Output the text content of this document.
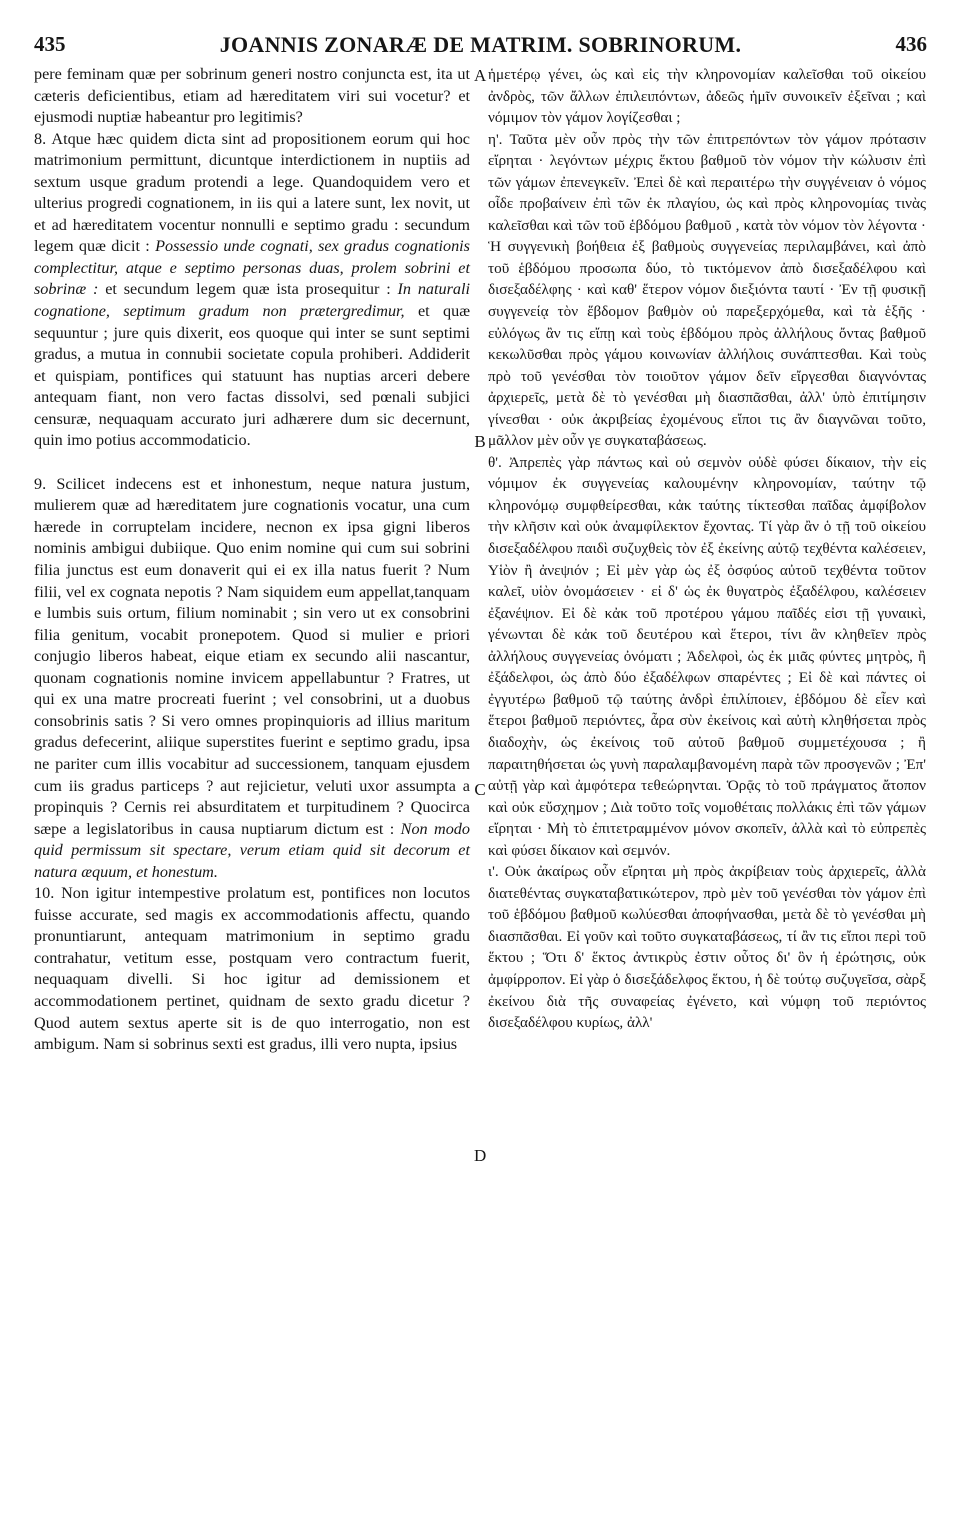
435	JOANNIS ZONARÆ DE MATRIM. SOBRINORUM.	436

pere feminam quæ per sobrinum generi nostro conjuncta est, ita ut cæteris deficientibus, etiam ad hæreditatem viri sui vocetur? et ejusmodi nuptiæ habeantur pro legitimis?

8. Atque hæc quidem dicta sint ad propositionem eorum qui hoc matrimonium permittunt, dicuntque interdictionem in nuptiis ad sextum usque gradum protendi a lege. Quandoquidem vero et ulterius progredi cognationem, in iis qui a latere sunt, lex novit, ut et ad hæreditatem vocentur nonnulli e septimo gradu : secundum legem quæ dicit : Possessio unde cognati, sex gradus cognationis complectitur, atque e septimo personas duas, prolem sobrini et sobrinæ : et secundum legem quæ ista prosequitur : In naturali cognatione, septimum gradum non prætergredimur, et quæ sequuntur ; jure quis dixerit, eos quoque qui inter se sunt septimi gradus, a mutua in connubii societate copula prohiberi. Addiderit et quispiam, pontifices qui statuunt has nuptias arceri debere antequam fiant, non vero factas dissolvi, sed pœnali subjici censuræ, nequaquam accurato juri adhærere dum sic decernunt, quin imo potius accommodaticio.

9. Scilicet indecens est et inhonestum, neque natura justum, mulierem quæ ad hæreditatem jure cognationis vocatur, una cum hærede in corruptelam incidere, necnon ex ipsa gigni liberos nominis ambigui dubiique. Quo enim nomine qui cum sui sobrini filia junctus est eum donaverit qui ei ex illa natus fuerit ? Num filii, vel ex cognata nepotis ? Nam siquidem eum appellat,tanquam e lumbis suis ortum, filium nominabit ; sin vero ut ex consobrini filia genitum, vocabit pronepotem. Quod si mulier e priori conjugio liberos habeat, eique etiam ex secundo alii nascantur, quonam cognationis nomine invicem appellabuntur ? Fratres, ut qui ex una matre procreati fuerint ; vel consobrini, ut a duobus consobrinis satis ? Si vero omnes propinquioris ad illius maritum gradus defecerint, aliique superstites fuerint e septimo gradu, ipsa ne pariter cum illis vocabitur ad successionem, tanquam ejusdem cum iis gradus particeps ? aut rejicietur, veluti uxor assumpta a propinquis ? Cernis rei absurditatem et turpitudinem ? Quocirca sæpe a legislatoribus in causa nuptiarum dictum est : Non modo quid permissum sit spectare, verum etiam quid sit decorum et natura æquum, et honestum.

10. Non igitur intempestive prolatum est, pontifices non locutos fuisse accurate, sed magis ex accommodationis affectu, quando pronuntiarunt, antequam matrimonium in septimo gradu contrahatur, vetitum esse, postquam vero contractum fuerit, nequaquam divelli. Si hoc igitur ad demissionem et accommodationem pertinet, quidnam de sexto gradu dicetur ? Quod autem sextus aperte sit is de quo interrogatio, non est ambigum. Nam si sobrinus sexti est gradus, illi vero nupta, ipsius

A
B
C
D

ἡμετέρῳ γένει, ὡς καὶ εἰς τὴν κληρονομίαν καλεῖσθαι τοῦ οἰκείου ἀνδρὸς, τῶν ἄλλων ἐπιλειπόντων, ἀδεῶς ἡμῖν συνοικεῖν ἐξεῖναι ; καὶ νόμιμον τὸν γάμον λογίζεσθαι ;

η'. Ταῦτα μὲν οὖν πρὸς τὴν τῶν ἐπιτρεπόντων τὸν γάμον πρότασιν εἴρηται · λεγόντων μέχρις ἕκτου βαθμοῦ τὸν νόμον τὴν κώλυσιν ἐπὶ τῶν γάμων ἐπενεγκεῖν. Ἐπεὶ δὲ καὶ περαιτέρω τὴν συγγένειαν ὁ νόμος οἶδε προβαίνειν ἐπὶ τῶν ἐκ πλαγίου, ὡς καὶ πρὸς κληρονομίας τινὰς καλεῖσθαι καὶ τῶν τοῦ ἑβδόμου βαθμοῦ , κατὰ τὸν νόμον τὸν λέγοντα · Ἡ συγγενικὴ βοήθεια ἐξ βαθμοὺς συγγενείας περιλαμβάνει, καὶ ἀπὸ τοῦ ἑβδόμου προσωπα δύο, τὸ τικτόμενον ἀπὸ δισεξαδέλφου καὶ δισεξαδέλφης · καὶ καθ' ἕτερον νόμον διεξιόντα ταυτί · Ἐν τῇ φυσικῇ συγγενείᾳ τὸν ἕβδομον βαθμὸν οὐ παρεξερχόμεθα, καὶ τὰ ἑξῆς · εὐλόγως ἂν τις εἴπῃ καὶ τοὺς ἑβδόμου πρὸς ἀλλήλους ὄντας βαθμοῦ κεκωλῦσθαι πρὸς γάμου κοινωνίαν ἀλλήλοις συνάπτεσθαι. Καὶ τοὺς πρὸ τοῦ γενέσθαι τὸν τοιοῦτον γάμον δεῖν εἴργεσθαι διαγνόντας ἀρχιερεῖς, μετὰ δὲ τὸ γενέσθαι μὴ διασπᾶσθαι, ἀλλ' ὑπὸ ἐπιτίμησιν γίνεσθαι · οὐκ ἀκριβείας ἐχομένους εἴποι τις ἂν διαγνῶναι τοῦτο, μᾶλλον μὲν οὖν γε συγκαταβάσεως.

θ'. Ἀπρεπὲς γὰρ πάντως καὶ οὐ σεμνὸν οὐδὲ φύσει δίκαιον, τὴν εἰς νόμιμον ἐκ συγγενείας καλουμένην κληρονομίαν, ταύτην τῷ κληρονόμῳ συμφθείρεσθαι, κἀκ ταύτης τίκτεσθαι παῖδας ἀμφίβολον τὴν κλῆσιν καὶ οὐκ ἀναμφίλεκτον ἔχοντας. Τί γὰρ ἂν ὁ τῇ τοῦ οἰκείου δισεξαδέλφου παιδὶ συζυχθεὶς τὸν ἐξ ἐκείνης αὐτῷ τεχθέντα καλέσειεν, Υἱὸν ἢ ἀνεψιόν ; Εἰ μὲν γὰρ ὡς ἐξ ὀσφύος αὐτοῦ τεχθέντα τοῦτον καλεῖ, υἱὸν ὀνομάσειεν · εἰ δ' ὡς ἐκ θυγατρὸς ἐξαδέλφου, καλέσειεν ἐξανέψιον. Εἰ δὲ κἀκ τοῦ προτέρου γάμου παῖδές εἰσι τῇ γυναικὶ, γένωνται δὲ κἀκ τοῦ δευτέρου καὶ ἕτεροι, τίνι ἂν κληθεῖεν πρὸς ἀλλήλους συγγενείας ὀνόματι ; Ἀδελφοὶ, ὡς ἐκ μιᾶς φύντες μητρὸς, ἢ ἐξάδελφοι, ὡς ἀπὸ δύο ἐξαδέλφων σπαρέντες ; Εἰ δὲ καὶ πάντες οἱ ἐγγυτέρω βαθμοῦ τῷ ταύτης ἀνδρὶ ἐπιλίποιεν, ἑβδόμου δὲ εἶεν καὶ ἕτεροι βαθμοῦ περιόντες, ἆρα σὺν ἐκείνοις καὶ αὐτὴ κληθήσεται πρὸς διαδοχὴν, ὡς ἐκείνοις τοῦ αὐτοῦ βαθμοῦ συμμετέχουσα ; ἢ παραιτηθήσεται ὡς γυνὴ παραλαμβανομένη παρὰ τῶν προσγενῶν ; Ἐπ' αὐτῇ γὰρ καὶ ἀμφότερα τεθεώρηνται. Ὁρᾷς τὸ τοῦ πράγματος ἄτοπον καὶ οὐκ εὔσχημον ; Διὰ τοῦτο τοῖς νομοθέταις πολλάκις ἐπὶ τῶν γάμων εἴρηται · Μὴ τὸ ἐπιτετραμμένον μόνον σκοπεῖν, ἀλλὰ καὶ τὸ εὐπρεπὲς καὶ φύσει δίκαιον καὶ σεμνόν.

ι'. Οὐκ ἀκαίρως οὖν εἴρηται μὴ πρὸς ἀκρίβειαν τοὺς ἀρχιερεῖς, ἀλλὰ διατεθέντας συγκαταβατικώτερον, πρὸ μὲν τοῦ γενέσθαι τὸν γάμον ἐπὶ τοῦ ἑβδόμου βαθμοῦ κωλύεσθαι ἀποφήνασθαι, μετὰ δὲ τὸ γενέσθαι μὴ διασπᾶσθαι. Εἰ γοῦν καὶ τοῦτο συγκαταβάσεως, τί ἂν τις εἴποι περὶ τοῦ ἕκτου ; Ὅτι δ' ἕκτος ἀντικρὺς ἐστιν οὗτος δι' ὃν ἡ ἐρώτησις, οὐκ ἀμφίρροπον. Εἰ γὰρ ὁ δισεξάδελφος ἕκτου, ἡ δὲ τούτῳ συζυγεῖσα, σὰρξ ἐκείνου διὰ τῆς συναφείας ἐγένετο, καὶ νύμφη τοῦ περιόντος δισεξαδέλφου κυρίως, ἀλλ'
